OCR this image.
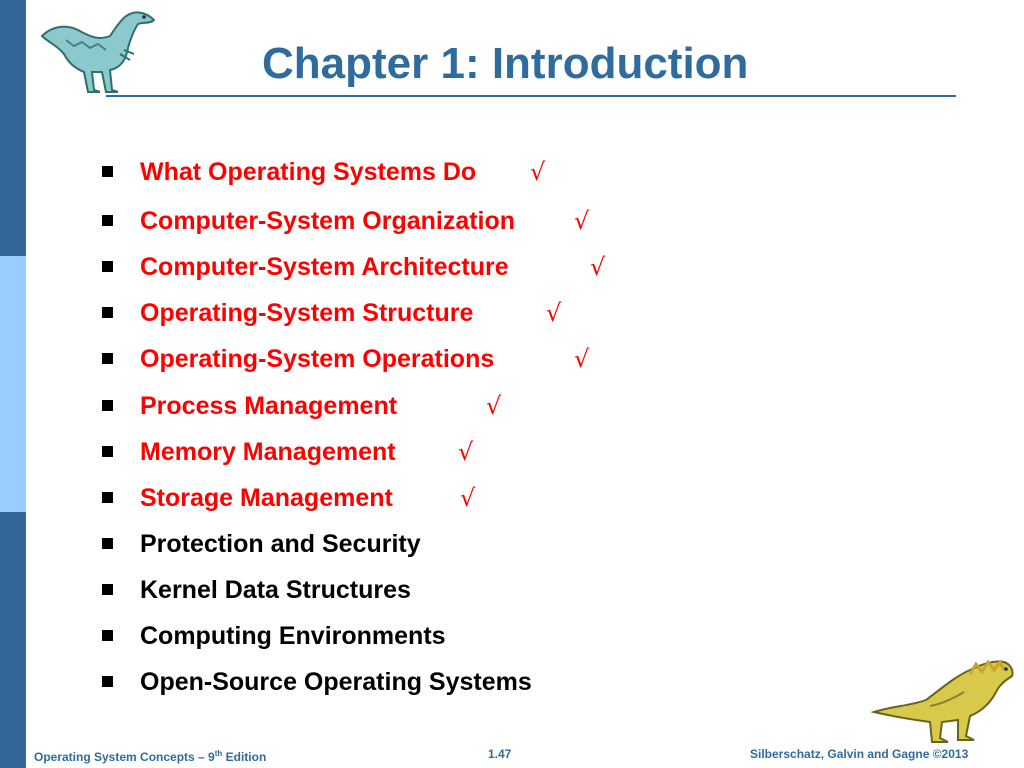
Chapter 1: Introduction
What Operating Systems Do √
Computer-System Organization √
Computer-System Architecture	√
Operating-System Structure	√
Operating-System Operations	√
Process Management	√
Memory Management	√
Storage Management	√
Protection and Security
Kernel Data Structures
Computing Environments
Open-Source Operating Systems
Operating System Concepts – 9th Edition	1.47	Silberschatz, Galvin and Gagne ©2013
